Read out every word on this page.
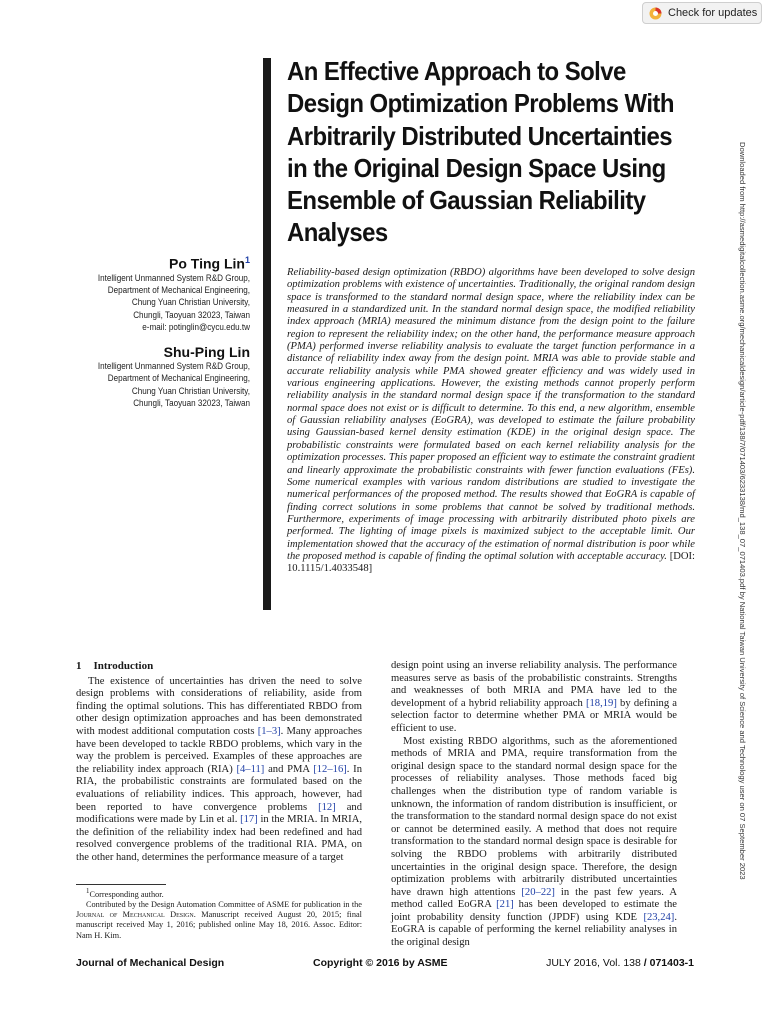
Check for updates
An Effective Approach to Solve Design Optimization Problems With Arbitrarily Distributed Uncertainties in the Original Design Space Using Ensemble of Gaussian Reliability Analyses
Po Ting Lin$^1$
Intelligent Unmanned System R&D Group,
Department of Mechanical Engineering,
Chung Yuan Christian University,
Chungli, Taoyuan 32023, Taiwan
e-mail: potinglin@cycu.edu.tw
Shu-Ping Lin
Intelligent Unmanned System R&D Group,
Department of Mechanical Engineering,
Chung Yuan Christian University,
Chungli, Taoyuan 32023, Taiwan
Reliability-based design optimization (RBDO) algorithms have been developed to solve design optimization problems with existence of uncertainties. Traditionally, the original random design space is transformed to the standard normal design space, where the reliability index can be measured in a standardized unit. In the standard normal design space, the modified reliability index approach (MRIA) measured the minimum distance from the design point to the failure region to represent the reliability index; on the other hand, the performance measure approach (PMA) performed inverse reliability analysis to evaluate the target function performance in a distance of reliability index away from the design point. MRIA was able to provide stable and accurate reliability analysis while PMA showed greater efficiency and was widely used in various engineering applications. However, the existing methods cannot properly perform reliability analysis in the standard normal design space if the transformation to the standard normal space does not exist or is difficult to determine. To this end, a new algorithm, ensemble of Gaussian reliability analyses (EoGRA), was developed to estimate the failure probability using Gaussian-based kernel density estimation (KDE) in the original design space. The probabilistic constraints were formulated based on each kernel reliability analysis for the optimization processes. This paper proposed an efficient way to estimate the constraint gradient and linearly approximate the probabilistic constraints with fewer function evaluations (FEs). Some numerical examples with various random distributions are studied to investigate the numerical performances of the proposed method. The results showed that EoGRA is capable of finding correct solutions in some problems that cannot be solved by traditional methods. Furthermore, experiments of image processing with arbitrarily distributed photo pixels are performed. The lighting of image pixels is maximized subject to the acceptable limit. Our implementation showed that the accuracy of the estimation of normal distribution is poor while the proposed method is capable of finding the optimal solution with acceptable accuracy. [DOI: 10.1115/1.4033548]	Downloaded from http://asmedigitalcollection.asme.org/mechanicaldesign/article-pdf/138/7/071403/6233138/md_138_07_071403.pdf by National Taiwan University of Science and Technology user on 07 September 2023
1 Introduction

The existence of uncertainties has driven the need to solve design problems with considerations of reliability, aside from finding the optimal solutions. This has differentiated RBDO from other design optimization approaches and has been demonstrated with modest additional computation costs [1–3]. Many approaches have been developed to tackle RBDO problems, which vary in the way the problem is perceived. Examples of these approaches are the reliability index approach (RIA) [4–11] and PMA [12–16]. In RIA, the probabilistic constraints are formulated based on the evaluations of reliability indices. This approach, however, had been reported to have convergence problems [12] and modifications were made by Lin et al. [17] in the MRIA. In MRIA, the definition of the reliability index had been redefined and had resolved convergence problems of the traditional RIA. PMA, on the other hand, determines the performance measure of a target

design point using an inverse reliability analysis. The performance measures serve as basis of the probabilistic constraints. Strengths and weaknesses of both MRIA and PMA have led to the development of a hybrid reliability approach [18,19] by defining a selection factor to determine whether PMA or MRIA would be efficient to use.

Most existing RBDO algorithms, such as the aforementioned methods of MRIA and PMA, require transformation from the original design space to the standard normal design space for the processes of reliability analyses. Those methods faced big challenges when the distribution type of random variable is unknown, the information of random distribution is insufficient, or the transformation to the standard normal design space do not exist or cannot be determined easily. A method that does not require transformation to the standard normal design space is desirable for solving the RBDO problems with arbitrarily distributed uncertainties in the original design space. Therefore, the design optimization problems with arbitrarily distributed uncertainties have drawn high attentions [20–22] in the past few years. A method called EoGRA [21] has been developed to estimate the joint probability density function (JPDF) using KDE [23,24]. EoGRA is capable of performing the kernel reliability analyses in the original design

$^1$Corresponding author.

Contributed by the Design Automation Committee of ASME for publication in the Journal of Mechanical Design. Manuscript received August 20, 2015; final manuscript received May 1, 2016; published online May 18, 2016. Assoc. Editor: Nam H. Kim.

Journal of Mechanical Design	Copyright © 2016 by ASME	JULY 2016, Vol. 138 / 071403-1
